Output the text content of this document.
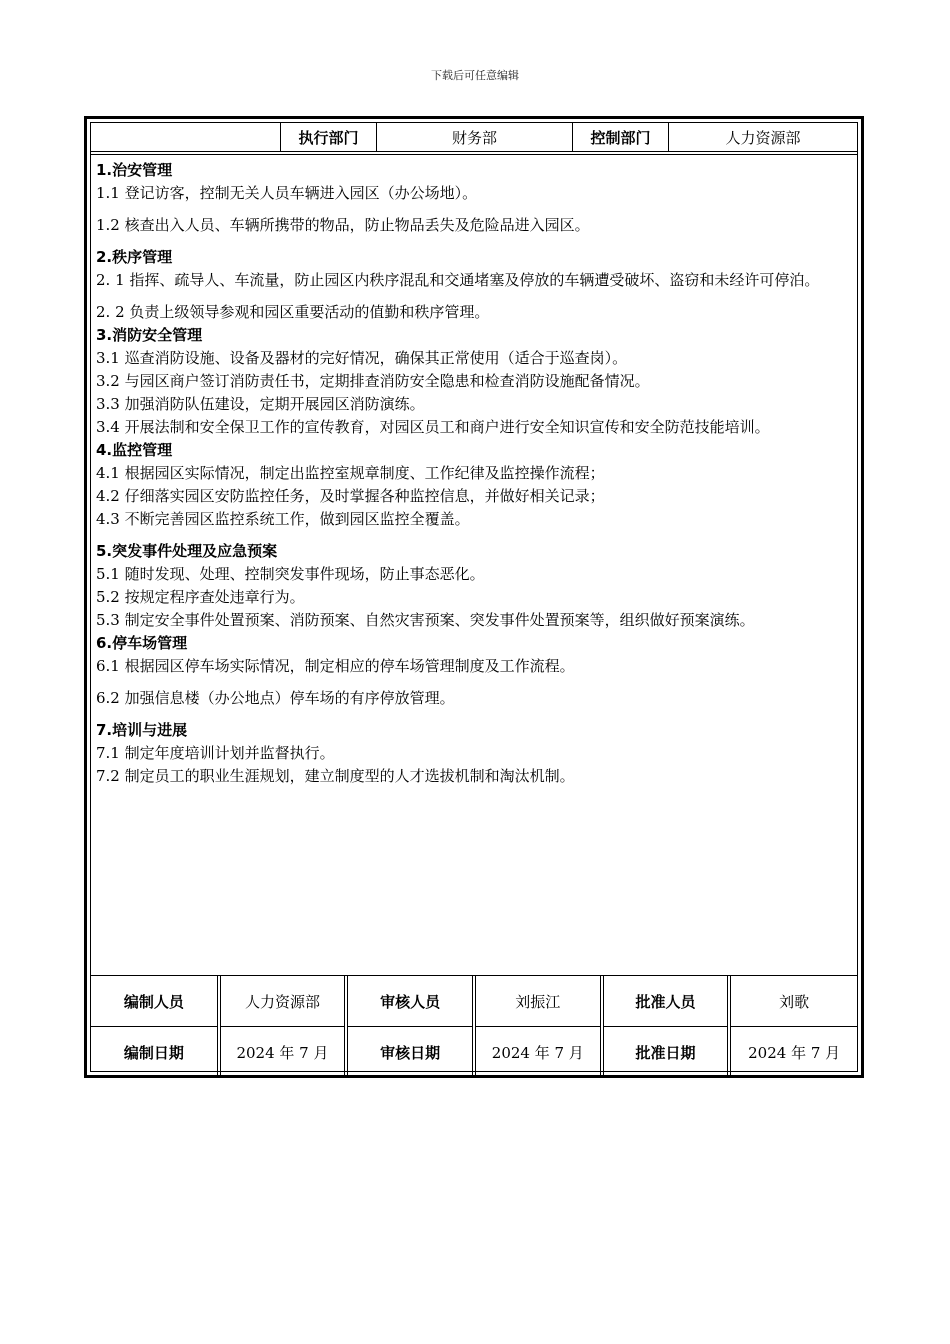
下载后可任意编辑
执行部门	财务部	控制部门	人力资源部
1.治安管理

1.1 登记访客，控制无关人员车辆进入园区（办公场地）。

1.2 核查出入人员、车辆所携带的物品，防止物品丢失及危险品进入园区。

2.秩序管理

2. 1 指挥、疏导人、车流量，防止园区内秩序混乱和交通堵塞及停放的车辆遭受破坏、盗窃和未经许可停泊。

2. 2 负责上级领导参观和园区重要活动的值勤和秩序管理。

3.消防安全管理

3.1 巡查消防设施、设备及器材的完好情况，确保其正常使用（适合于巡查岗）。

3.2 与园区商户签订消防责任书，定期排查消防安全隐患和检查消防设施配备情况。

3.3 加强消防队伍建设，定期开展园区消防演练。

3.4 开展法制和安全保卫工作的宣传教育，对园区员工和商户进行安全知识宣传和安全防范技能培训。

4.监控管理

4.1 根据园区实际情况，制定出监控室规章制度、工作纪律及监控操作流程；

4.2 仔细落实园区安防监控任务，及时掌握各种监控信息，并做好相关记录；

4.3 不断完善园区监控系统工作，做到园区监控全覆盖。

5.突发事件处理及应急预案

5.1 随时发现、处理、控制突发事件现场，防止事态恶化。

5.2 按规定程序查处违章行为。

5.3 制定安全事件处置预案、消防预案、自然灾害预案、突发事件处置预案等，组织做好预案演练。

6.停车场管理

6.1 根据园区停车场实际情况，制定相应的停车场管理制度及工作流程。

6.2 加强信息楼（办公地点）停车场的有序停放管理。

7.培训与进展

7.1 制定年度培训计划并监督执行。

7.2 制定员工的职业生涯规划，建立制度型的人才选拔机制和淘汰机制。

编制人员	人力资源部	审核人员	刘振江	批准人员	刘歌
编制日期	2024 年 7 月	审核日期	2024 年 7 月	批准日期	2024 年 7 月
